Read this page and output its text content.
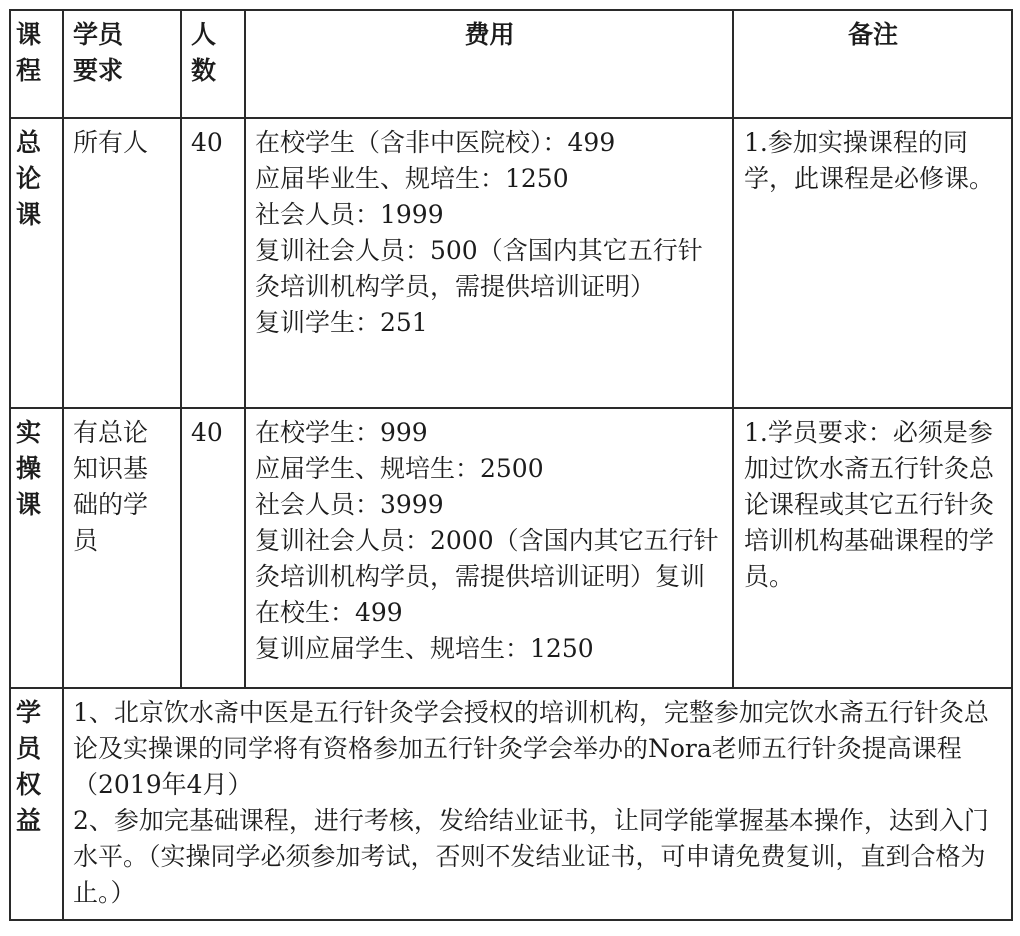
课程	学员要求	人数	费用	备注
总论课	所有人	40	在校学生（含非中医院校）：499
应届毕业生、规培生：1250
社会人员：1999
复训社会人员：500（含国内其它五行针灸培训机构学员，需提供培训证明）
复训学生：251	1.参加实操课程的同学，此课程是必修课。
实操课	有总论知识基础的学员	40	在校学生：999
应届学生、规培生：2500
社会人员：3999
复训社会人员：2000（含国内其它五行针灸培训机构学员，需提供培训证明）复训在校生：499
复训应届学生、规培生：1250	1.学员要求：必须是参加过饮水斋五行针灸总论课程或其它五行针灸培训机构基础课程的学员。
学员权益	1、北京饮水斋中医是五行针灸学会授权的培训机构，完整参加完饮水斋五行针灸总论及实操课的同学将有资格参加五行针灸学会举办的Nora老师五行针灸提高课程（2019年4月）
2、参加完基础课程，进行考核，发给结业证书，让同学能掌握基本操作，达到入门水平。（实操同学必须参加考试，否则不发结业证书，可申请免费复训，直到合格为止。）			
